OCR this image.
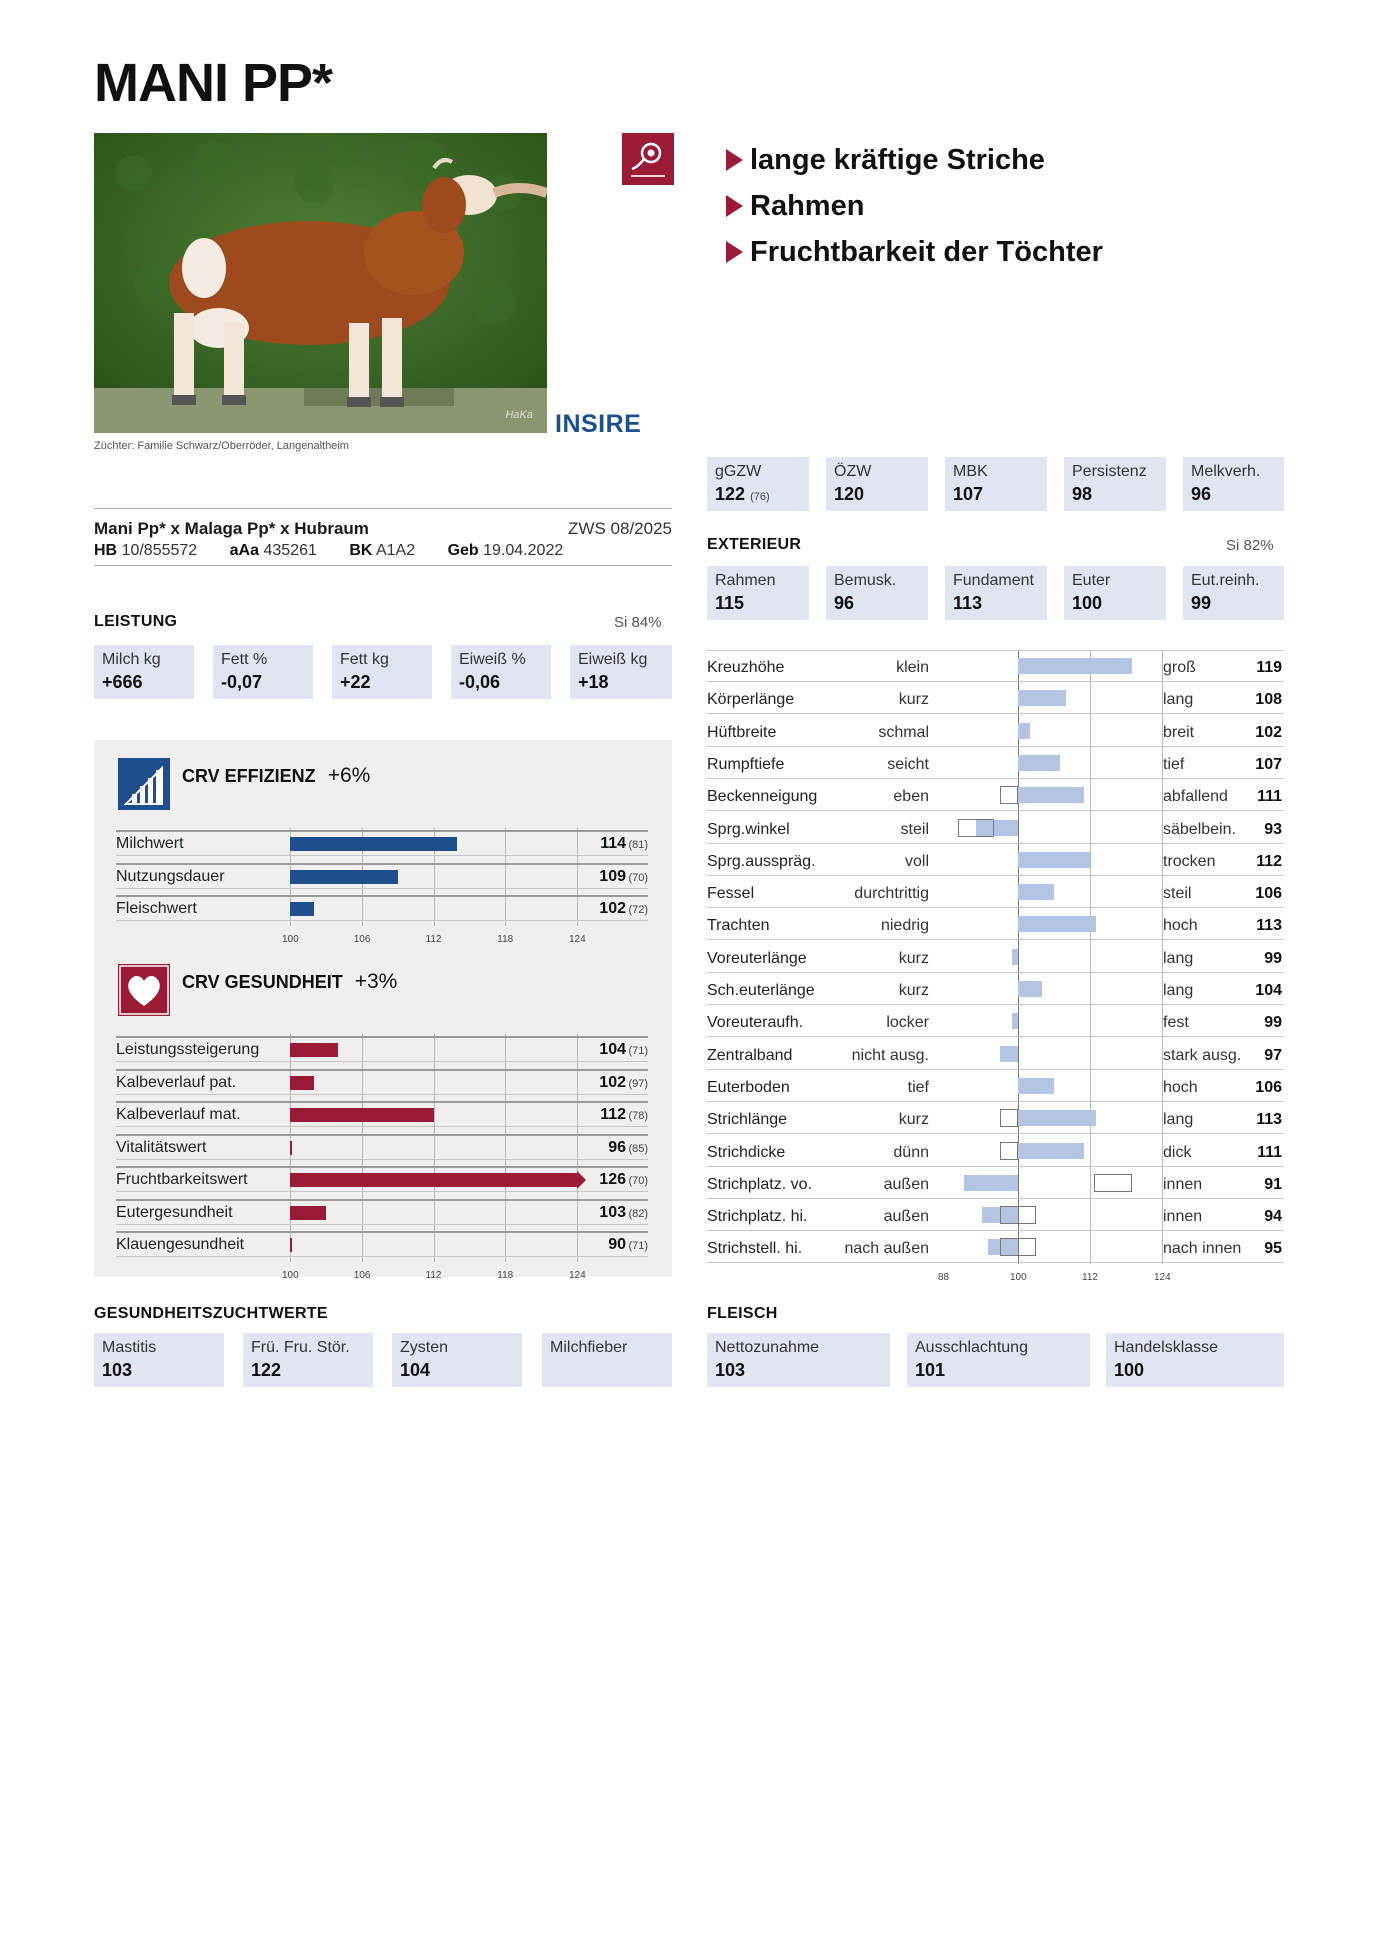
MANI PP*
HaKa
Züchter: Familie Schwarz/Oberröder, Langenaltheim
INSIRE
lange kräftige Striche
Rahmen
Fruchtbarkeit der Töchter
Mani Pp* x Malaga Pp* x Hubraum	ZWS 08/2025
HB 10/855572 aAa 435261 BK A1A2 Geb 19.04.2022
gGZW
122 (76)
ÖZW
120
MBK
107
Persistenz
98
Melkverh.
96
EXTERIEUR	Si 82%
Rahmen
115
Bemusk.
96
Fundament
113
Euter
100
Eut.reinh.
99
LEISTUNG	Si 84%
Milch kg
+666
Fett %
-0,07
Fett kg
+22
Eiweiß %
-0,06
Eiweiß kg
+18
CRV EFFIZIENZ +6%
Milchwert	114 (81)
Nutzungsdauer	109 (70)
Fleischwert	102 (72)
100	106	112	118	124
CRV GESUNDHEIT +3%
Leistungssteigerung	104 (71)
Kalbeverlauf pat.	102 (97)
Kalbeverlauf mat.	112 (78)
Vitalitätswert	96 (85)
Fruchtbarkeitswert	126 (70)
Eutergesundheit	103 (82)
Klauengesundheit	90 (71)
100	106	112	118	124	88	100	112	124
Kreuzhöhe	klein	groß	119
Körperlänge	kurz	lang	108
Hüftbreite	schmal	breit	102
Rumpftiefe	seicht	tief	107
Beckenneigung	eben	abfallend 111
Sprg.winkel	steil	säbelbein. 93
Sprg.ausspräg.	voll	trocken	112
Fessel	durchtrittig	steil	106
Trachten	niedrig	hoch	113
Voreuterlänge	kurz	lang	99
Sch.euterlänge	kurz	lang	104
Voreuteraufh.	locker	fest	99
Zentralband	nicht ausg.	stark ausg. 97
Euterboden	tief	hoch	106
Strichlänge	kurz	lang	113
Strichdicke	dünn	dick	111
Strichplatz. vo.	außen	innen	91
Strichplatz. hi.	außen	innen	94
Strichstell. hi.	nach außen	nach innen 95
GESUNDHEITSZUCHTWERTE
Mastitis
103
Frü. Fru. Stör.
122
Zysten
104
Milchfieber
FLEISCH
Nettozunahme
103
Ausschlachtung
101
Handelsklasse
100
